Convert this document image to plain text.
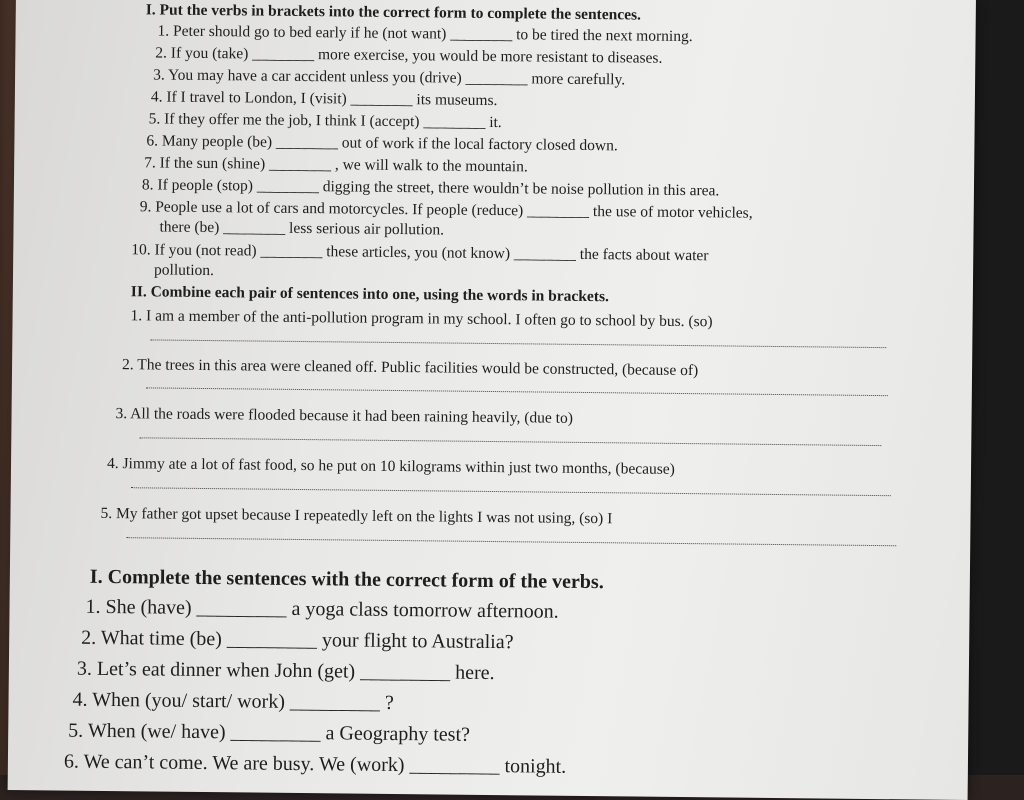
I. Put the verbs in brackets into the correct form to complete the sentences.
1. Peter should go to bed early if he (not want) ________ to be tired the next morning.
2. If you (take) ________ more exercise, you would be more resistant to diseases.
3. You may have a car accident unless you (drive) ________ more carefully.
4. If I travel to London, I (visit) ________ its museums.
5. If they offer me the job, I think I (accept) ________ it.
6. Many people (be) ________ out of work if the local factory closed down.
7. If the sun (shine) ________ , we will walk to the mountain.
8. If people (stop) ________ digging the street, there wouldn’t be noise pollution in this area.
9. People use a lot of cars and motorcycles. If people (reduce) ________ the use of motor vehicles,
there (be) ________ less serious air pollution.
10. If you (not read) ________ these articles, you (not know) ________ the facts about water
pollution.
II. Combine each pair of sentences into one, using the words in brackets.
1. I am a member of the anti-pollution program in my school. I often go to school by bus. (so)
2. The trees in this area were cleaned off. Public facilities would be constructed, (because of)
3. All the roads were flooded because it had been raining heavily, (due to)
4. Jimmy ate a lot of fast food, so he put on 10 kilograms within just two months, (because)
5. My father got upset because I repeatedly left on the lights I was not using, (so) I
I. Complete the sentences with the correct form of the verbs.
1. She (have) _________ a yoga class tomorrow afternoon.
2. What time (be) _________ your flight to Australia?
3. Let’s eat dinner when John (get) _________ here.
4. When (you/ start/ work) _________ ?
5. When (we/ have) _________ a Geography test?
6. We can’t come. We are busy. We (work) _________ tonight.
